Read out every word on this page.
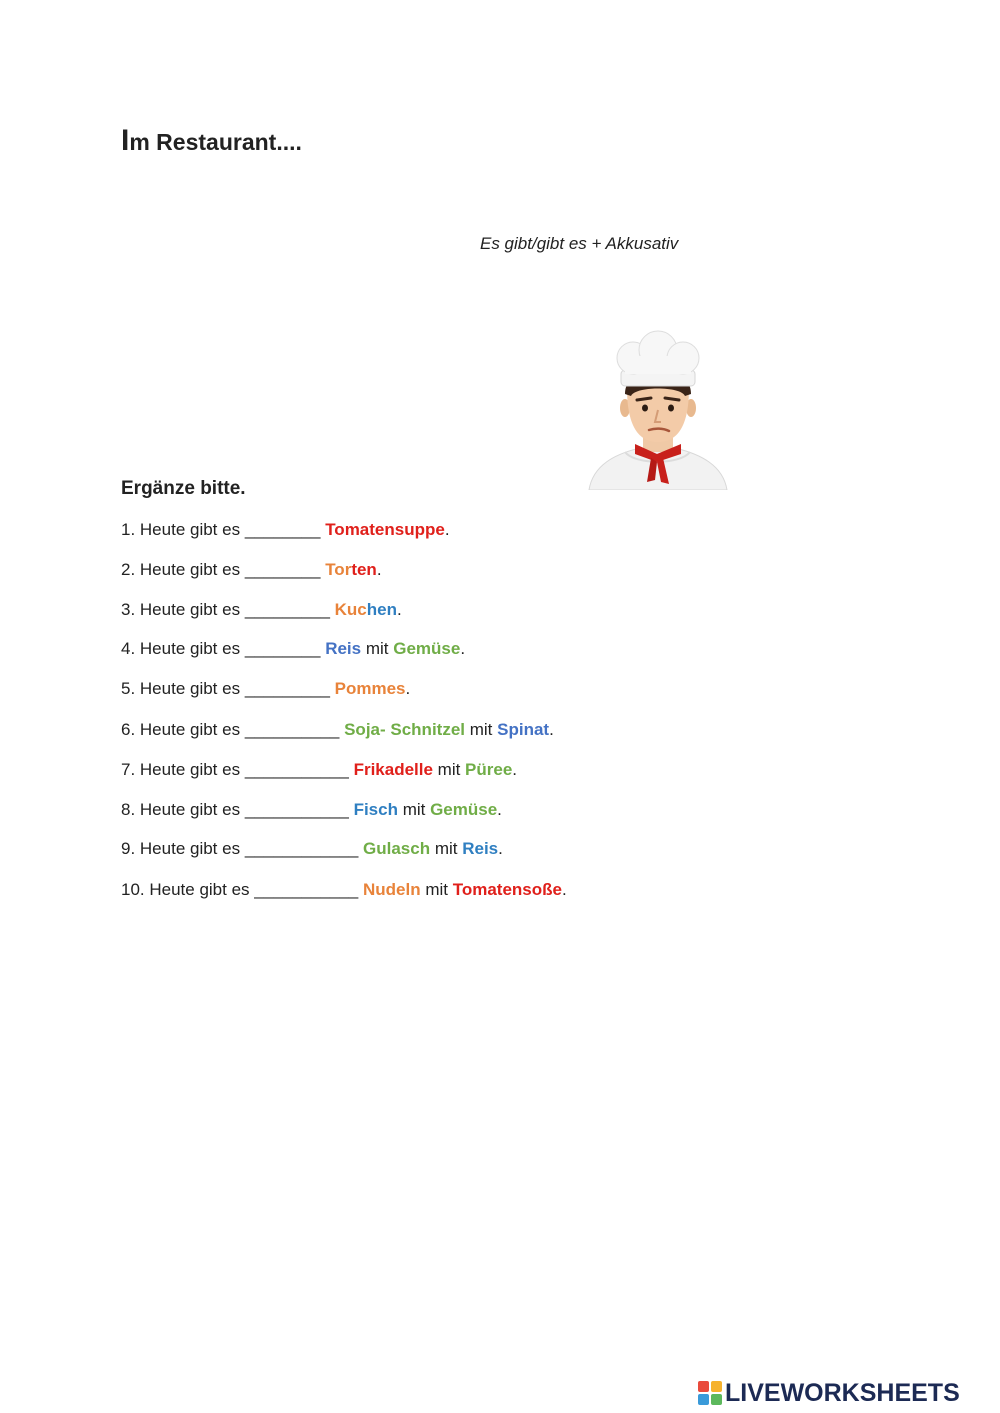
Im Restaurant....
Es gibt/gibt es + Akkusativ
Ergänze bitte.
1. Heute gibt es ________ Tomatensuppe.
2. Heute gibt es ________ Torten.
3. Heute gibt es _________ Kuchen.
4. Heute gibt es ________ Reis mit Gemüse.
5. Heute gibt es _________ Pommes.
6. Heute gibt es __________ Soja- Schnitzel mit Spinat.
7. Heute gibt es ___________ Frikadelle mit Püree.
8. Heute gibt es ___________ Fisch mit Gemüse.
9. Heute gibt es ____________ Gulasch mit Reis.
10. Heute gibt es ___________ Nudeln mit Tomatensoße.
LIVEWORKSHEETS
